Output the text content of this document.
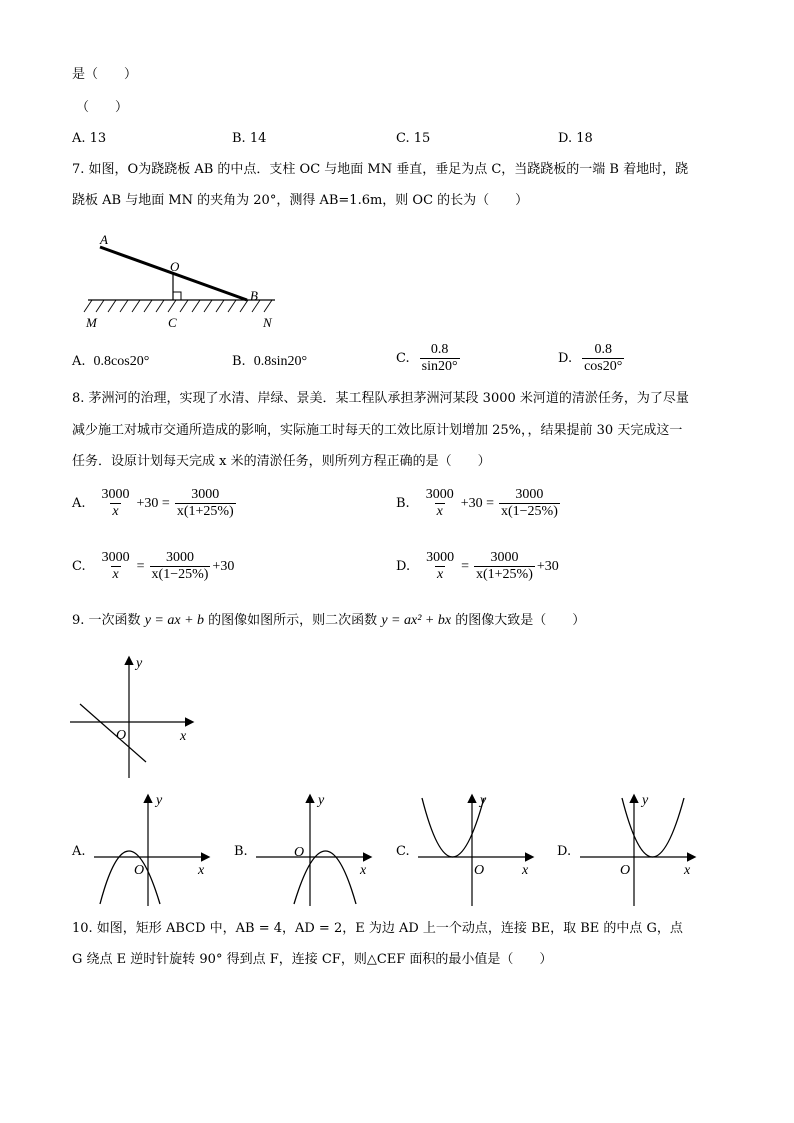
是（　　）
（　　）
A. 13	B. 14	C. 15	D. 18
7. 如图，O为跷跷板 AB 的中点．支柱 OC 与地面 MN 垂直，垂足为点 C，当跷跷板的一端 B 着地时，跷
跷板 AB 与地面 MN 的夹角为 20°，测得 AB=1.6m，则 OC 的长为（　　）
A
O
B
M	C	N
A. 0.8cos20°	B. 0.8sin20°	C. $\frac{0.8}{\sin 20^\circ}$	D. $\frac{0.8}{\cos 20^\circ}$
8. 茅洲河的治理，实现了水清、岸绿、景美．某工程队承担茅洲河某段 3000 米河道的清淤任务，为了尽量
减少施工对城市交通所造成的影响，实际施工时每天的工效比原计划增加 25%，，结果提前 30 天完成这一
任务．设原计划每天完成 x 米的清淤任务，则所列方程正确的是（　　）
A. $\frac{3000}{x} +30 = \frac{3000}{x(1+25\%)}$	B. $\frac{3000}{x} +30 = \frac{3000}{x(1-25\%)}$
C. $\frac{3000}{x} = \frac{3000}{x(1-25\%)} +30$	D. $\frac{3000}{x} = \frac{3000}{x(1+25\%)} +30$
9. 一次函数 y = ax + b 的图像如图所示，则二次函数 y = ax² + bx 的图像大致是（　　）
y
x
O
A.	B.	C.	D.
y
x
O
y
x
O
y
x
O
y
x
O
10. 如图，矩形 ABCD 中，AB = 4，AD = 2，E 为边 AD 上一个动点，连接 BE，取 BE 的中点 G，点
G 绕点 E 逆时针旋转 90° 得到点 F，连接 CF，则△CEF 面积的最小值是（　　）
